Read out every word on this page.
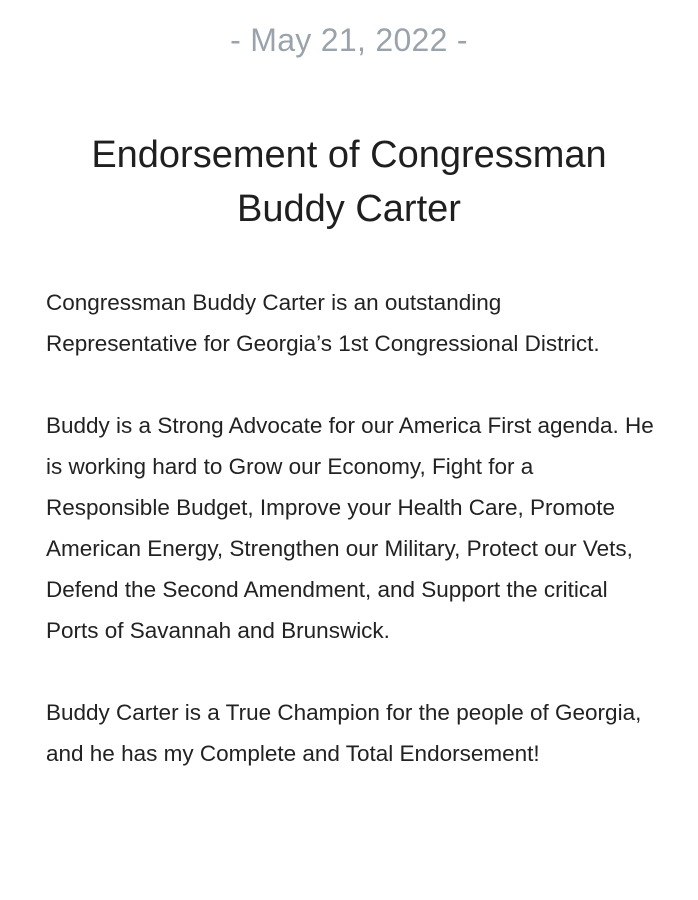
- May 21, 2022 -
Endorsement of Congressman Buddy Carter

Congressman Buddy Carter is an outstanding Representative for Georgia’s 1st Congressional District.

Buddy is a Strong Advocate for our America First agenda. He is working hard to Grow our Economy, Fight for a Responsible Budget, Improve your Health Care, Promote American Energy, Strengthen our Military, Protect our Vets, Defend the Second Amendment, and Support the critical Ports of Savannah and Brunswick.

Buddy Carter is a True Champion for the people of Georgia, and he has my Complete and Total Endorsement!
